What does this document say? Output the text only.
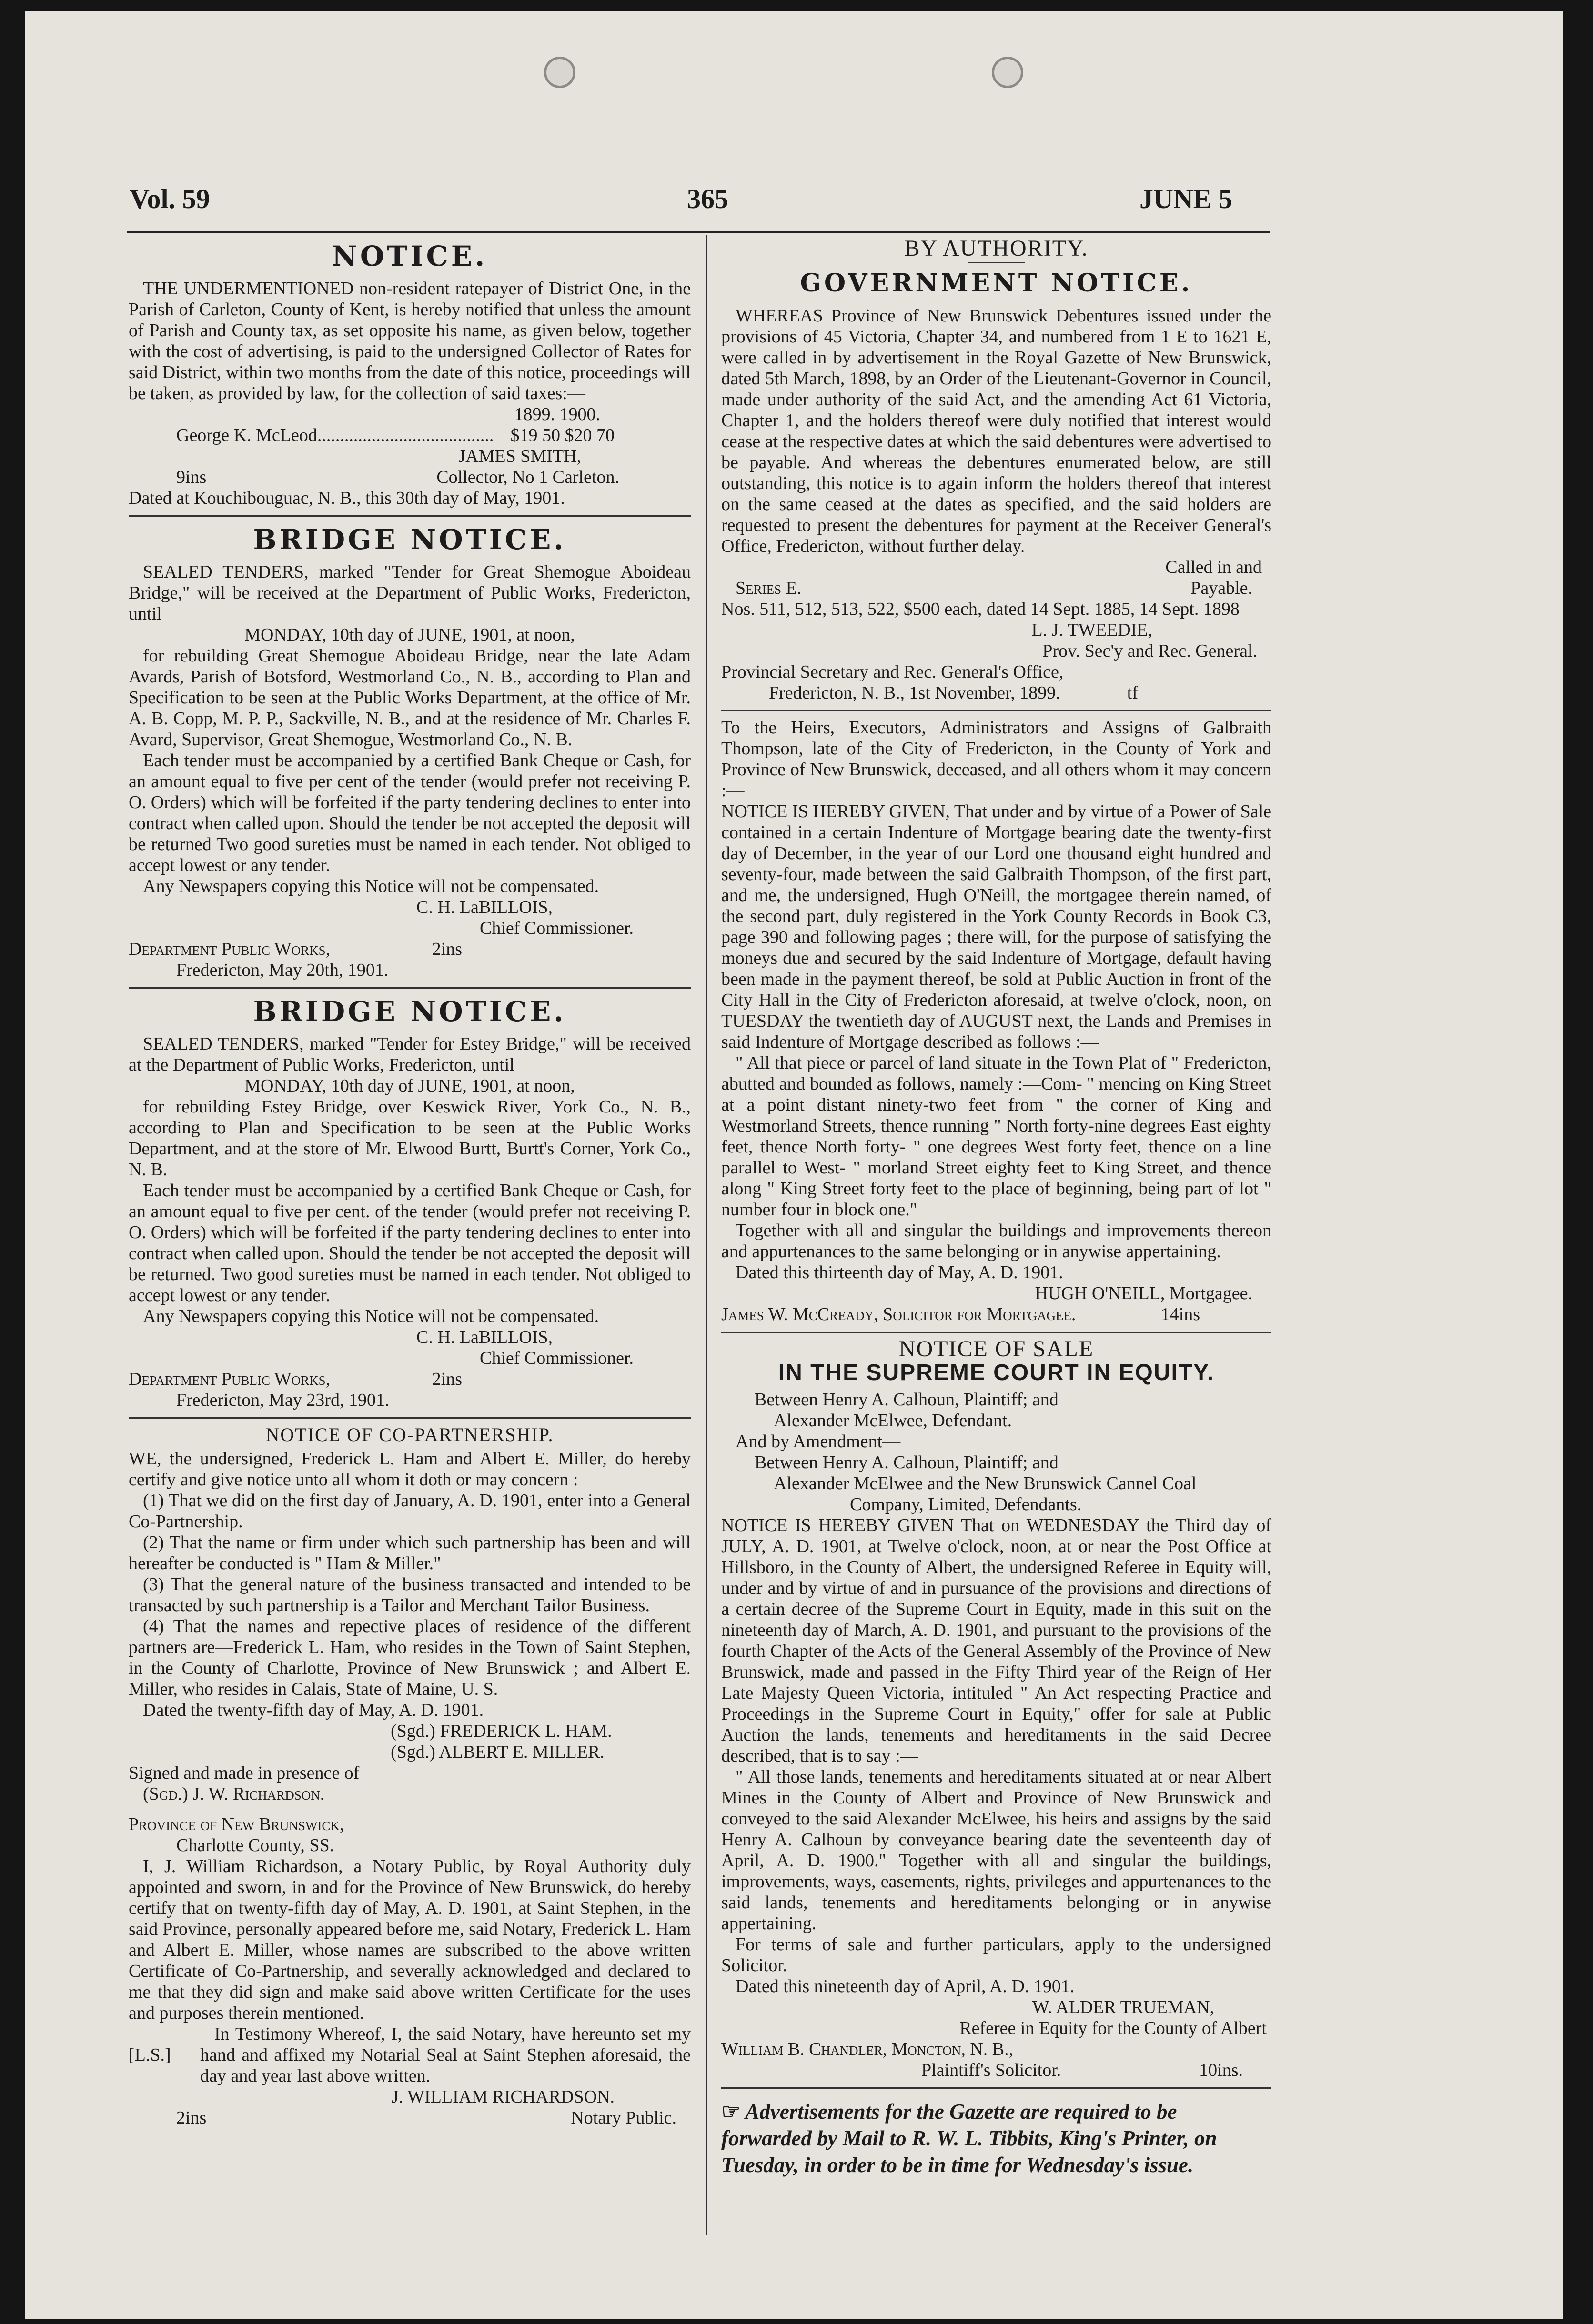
Vol. 59	365	JUNE 5
NOTICE.

THE UNDERMENTIONED non-resident ratepayer of District One, in the Parish of Carleton, County of Kent, is hereby notified that unless the amount of Parish and County tax, as set opposite his name, as given below, together with the cost of advertising, is paid to the undersigned Collector of Rates for said District, within two months from the date of this notice, proceedings will be taken, as provided by law, for the collection of said taxes:—

1899. 1900.
George K. McLeod....................................... $19 50 $20 70
JAMES SMITH,
9ins	Collector, No 1 Carleton.
Dated at Kouchibouguac, N. B., this 30th day of May, 1901.
BRIDGE NOTICE.

SEALED TENDERS, marked "Tender for Great Shemogue Aboideau Bridge," will be received at the Department of Public Works, Fredericton, until

MONDAY, 10th day of JUNE, 1901, at noon,

for rebuilding Great Shemogue Aboideau Bridge, near the late Adam Avards, Parish of Botsford, Westmorland Co., N. B., according to Plan and Specification to be seen at the Public Works Department, at the office of Mr. A. B. Copp, M. P. P., Sackville, N. B., and at the residence of Mr. Charles F. Avard, Supervisor, Great Shemogue, Westmorland Co., N. B.

Each tender must be accompanied by a certified Bank Cheque or Cash, for an amount equal to five per cent of the tender (would prefer not receiving P. O. Orders) which will be forfeited if the party tendering declines to enter into contract when called upon. Should the tender be not accepted the deposit will be returned Two good sureties must be named in each tender. Not obliged to accept lowest or any tender.

Any Newspapers copying this Notice will not be compensated.

C. H. LaBILLOIS,
Chief Commissioner.
Department Public Works,	2ins
Fredericton, May 20th, 1901.
BRIDGE NOTICE.

SEALED TENDERS, marked "Tender for Estey Bridge," will be received at the Department of Public Works, Fredericton, until

MONDAY, 10th day of JUNE, 1901, at noon,

for rebuilding Estey Bridge, over Keswick River, York Co., N. B., according to Plan and Specification to be seen at the Public Works Department, and at the store of Mr. Elwood Burtt, Burtt's Corner, York Co., N. B.

Each tender must be accompanied by a certified Bank Cheque or Cash, for an amount equal to five per cent. of the tender (would prefer not receiving P. O. Orders) which will be forfeited if the party tendering declines to enter into contract when called upon. Should the tender be not accepted the deposit will be returned. Two good sureties must be named in each tender. Not obliged to accept lowest or any tender.

Any Newspapers copying this Notice will not be compensated.

C. H. LaBILLOIS,
Chief Commissioner.
Department Public Works,	2ins
Fredericton, May 23rd, 1901.
NOTICE OF CO-PARTNERSHIP.

WE, the undersigned, Frederick L. Ham and Albert E. Miller, do hereby certify and give notice unto all whom it doth or may concern :

(1) That we did on the first day of January, A. D. 1901, enter into a General Co-Partnership.

(2) That the name or firm under which such partnership has been and will hereafter be conducted is " Ham & Miller."

(3) That the general nature of the business transacted and intended to be transacted by such partnership is a Tailor and Merchant Tailor Business.

(4) That the names and repective places of residence of the different partners are—Frederick L. Ham, who resides in the Town of Saint Stephen, in the County of Charlotte, Province of New Brunswick ; and Albert E. Miller, who resides in Calais, State of Maine, U. S.

Dated the twenty-fifth day of May, A. D. 1901.

(Sgd.) FREDERICK L. HAM.
(Sgd.) ALBERT E. MILLER.
Signed and made in presence of
(Sgd.) J. W. Richardson.
Province of New Brunswick,
Charlotte County, SS.

I, J. William Richardson, a Notary Public, by Royal Authority duly appointed and sworn, in and for the Province of New Brunswick, do hereby certify that on twenty-fifth day of May, A. D. 1901, at Saint Stephen, in the said Province, personally appeared before me, said Notary, Frederick L. Ham and Albert E. Miller, whose names are subscribed to the above written Certificate of Co-Partnership, and severally acknowledged and declared to me that they did sign and make said above written Certificate for the uses and purposes therein mentioned.

[L.S.]

In Testimony Whereof, I, the said Notary, have hereunto set my hand and affixed my Notarial Seal at Saint Stephen aforesaid, the day and year last above written.

J. WILLIAM RICHARDSON.
2ins	Notary Public.
BY AUTHORITY.
GOVERNMENT NOTICE.

WHEREAS Province of New Brunswick Debentures issued under the provisions of 45 Victoria, Chapter 34, and numbered from 1 E to 1621 E, were called in by advertisement in the Royal Gazette of New Brunswick, dated 5th March, 1898, by an Order of the Lieutenant-Governor in Council, made under authority of the said Act, and the amending Act 61 Victoria, Chapter 1, and the holders thereof were duly notified that interest would cease at the respective dates at which the said debentures were advertised to be payable. And whereas the debentures enumerated below, are still outstanding, this notice is to again inform the holders thereof that interest on the same ceased at the dates as specified, and the said holders are requested to present the debentures for payment at the Receiver General's Office, Fredericton, without further delay.

Called in and
Series E.	Payable.
Nos. 511, 512, 513, 522, $500 each, dated 14 Sept. 1885, 14 Sept. 1898
L. J. TWEEDIE,
Prov. Sec'y and Rec. General.
Provincial Secretary and Rec. General's Office,
Fredericton, N. B., 1st November, 1899.	tf

To the Heirs, Executors, Administrators and Assigns of Galbraith Thompson, late of the City of Fredericton, in the County of York and Province of New Brunswick, deceased, and all others whom it may concern :—

NOTICE IS HEREBY GIVEN, That under and by virtue of a Power of Sale contained in a certain Indenture of Mortgage bearing date the twenty-first day of December, in the year of our Lord one thousand eight hundred and seventy-four, made between the said Galbraith Thompson, of the first part, and me, the undersigned, Hugh O'Neill, the mortgagee therein named, of the second part, duly registered in the York County Records in Book C3, page 390 and following pages ; there will, for the purpose of satisfying the moneys due and secured by the said Indenture of Mortgage, default having been made in the payment thereof, be sold at Public Auction in front of the City Hall in the City of Fredericton aforesaid, at twelve o'clock, noon, on TUESDAY the twentieth day of AUGUST next, the Lands and Premises in said Indenture of Mortgage described as follows :—

" All that piece or parcel of land situate in the Town Plat of " Fredericton, abutted and bounded as follows, namely :—Com- " mencing on King Street at a point distant ninety-two feet from " the corner of King and Westmorland Streets, thence running " North forty-nine degrees East eighty feet, thence North forty- " one degrees West forty feet, thence on a line parallel to West- " morland Street eighty feet to King Street, and thence along " King Street forty feet to the place of beginning, being part of lot " number four in block one."

Together with all and singular the buildings and improvements thereon and appurtenances to the same belonging or in anywise appertaining.

Dated this thirteenth day of May, A. D. 1901.

HUGH O'NEILL, Mortgagee.
James W. McCready, Solicitor for Mortgagee.	14ins
NOTICE OF SALE
IN THE SUPREME COURT IN EQUITY.
Between Henry A. Calhoun, Plaintiff; and
Alexander McElwee, Defendant.
And by Amendment—
Between Henry A. Calhoun, Plaintiff; and
Alexander McElwee and the New Brunswick Cannel Coal
Company, Limited, Defendants.

NOTICE IS HEREBY GIVEN That on WEDNESDAY the Third day of JULY, A. D. 1901, at Twelve o'clock, noon, at or near the Post Office at Hillsboro, in the County of Albert, the undersigned Referee in Equity will, under and by virtue of and in pursuance of the provisions and directions of a certain decree of the Supreme Court in Equity, made in this suit on the nineteenth day of March, A. D. 1901, and pursuant to the provisions of the fourth Chapter of the Acts of the General Assembly of the Province of New Brunswick, made and passed in the Fifty Third year of the Reign of Her Late Majesty Queen Victoria, intituled " An Act respecting Practice and Proceedings in the Supreme Court in Equity," offer for sale at Public Auction the lands, tenements and hereditaments in the said Decree described, that is to say :—

" All those lands, tenements and hereditaments situated at or near Albert Mines in the County of Albert and Province of New Brunswick and conveyed to the said Alexander McElwee, his heirs and assigns by the said Henry A. Calhoun by conveyance bearing date the seventeenth day of April, A. D. 1900." Together with all and singular the buildings, improvements, ways, easements, rights, privileges and appurtenances to the said lands, tenements and hereditaments belonging or in anywise appertaining.

For terms of sale and further particulars, apply to the undersigned Solicitor.

Dated this nineteenth day of April, A. D. 1901.

W. ALDER TRUEMAN,
Referee in Equity for the County of Albert
William B. Chandler, Moncton, N. B.,
Plaintiff's Solicitor.	10ins.
☞ Advertisements for the Gazette are required to be forwarded by Mail to R. W. L. Tibbits, King's Printer, on Tuesday, in order to be in time for Wednesday's issue.
